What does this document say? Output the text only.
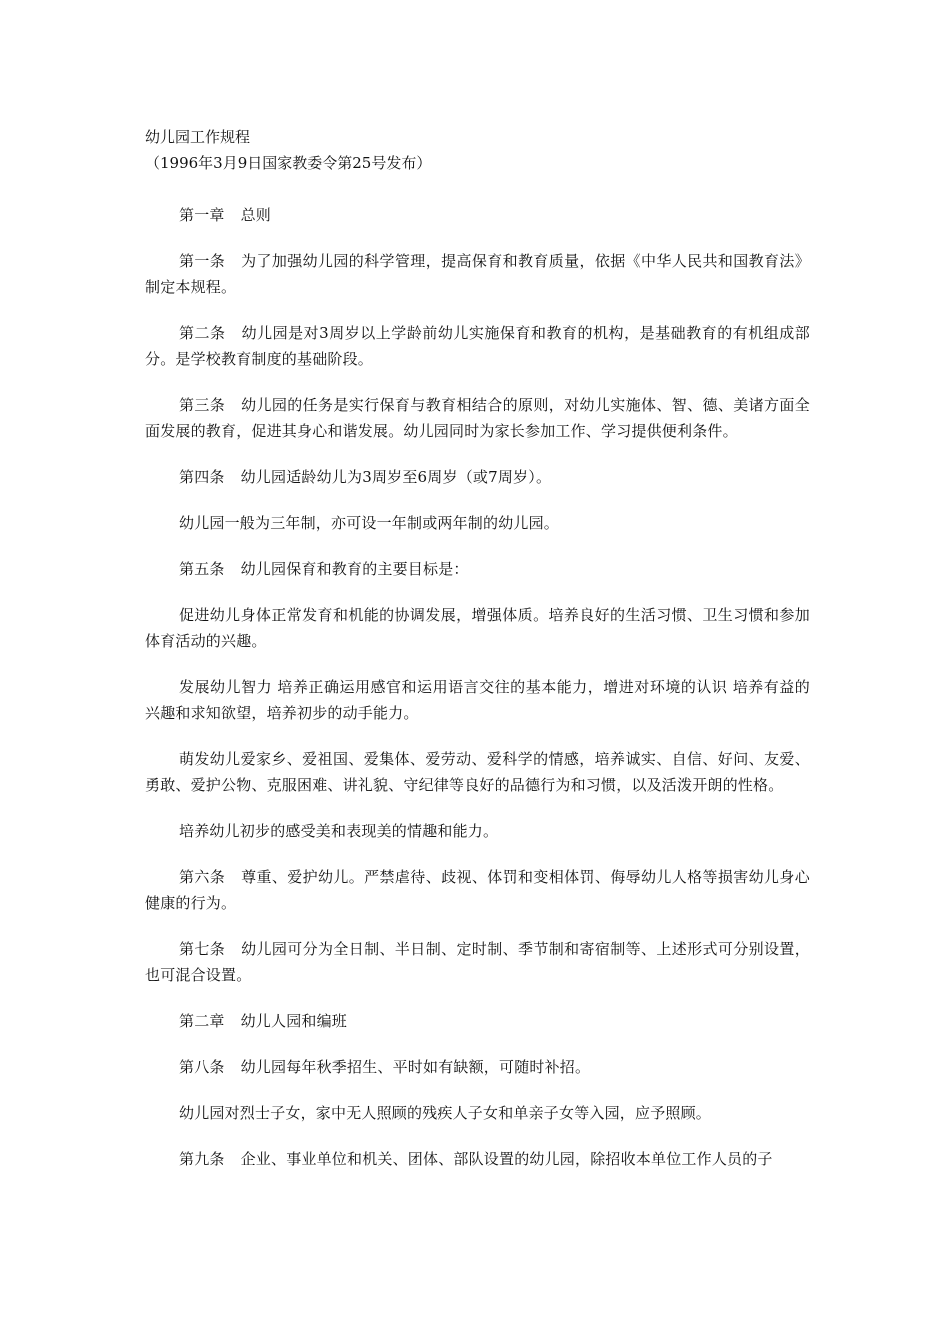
幼儿园工作规程
（1996年3月9日国家教委令第25号发布）

第一章 总则

第一条 为了加强幼儿园的科学管理，提高保育和教育质量，依据《中华人民共和国教育法》制定本规程。

第二条 幼儿园是对3周岁以上学龄前幼儿实施保育和教育的机构，是基础教育的有机组成部分。是学校教育制度的基础阶段。

第三条 幼儿园的任务是实行保育与教育相结合的原则，对幼儿实施体、智、德、美诸方面全面发展的教育，促进其身心和谐发展。幼儿园同时为家长参加工作、学习提供便利条件。

第四条 幼儿园适龄幼儿为3周岁至6周岁（或7周岁）。

幼儿园一般为三年制，亦可设一年制或两年制的幼儿园。

第五条 幼儿园保育和教育的主要目标是：

促进幼儿身体正常发育和机能的协调发展，增强体质。培养良好的生活习惯、卫生习惯和参加体育活动的兴趣。

发展幼儿智力 培养正确运用感官和运用语言交往的基本能力，增进对环境的认识 培养有益的兴趣和求知欲望，培养初步的动手能力。

萌发幼儿爱家乡、爱祖国、爱集体、爱劳动、爱科学的情感，培养诚实、自信、好问、友爱、勇敢、爱护公物、克服困难、讲礼貌、守纪律等良好的品德行为和习惯，以及活泼开朗的性格。

培养幼儿初步的感受美和表现美的情趣和能力。

第六条 尊重、爱护幼儿。严禁虐待、歧视、体罚和变相体罚、侮辱幼儿人格等损害幼儿身心健康的行为。

第七条 幼儿园可分为全日制、半日制、定时制、季节制和寄宿制等、上述形式可分别设置，也可混合设置。

第二章 幼儿人园和编班

第八条 幼儿园每年秋季招生、平时如有缺额，可随时补招。

幼儿园对烈士子女，家中无人照顾的残疾人子女和单亲子女等入园，应予照顾。

第九条 企业、事业单位和机关、团体、部队设置的幼儿园，除招收本单位工作人员的子
